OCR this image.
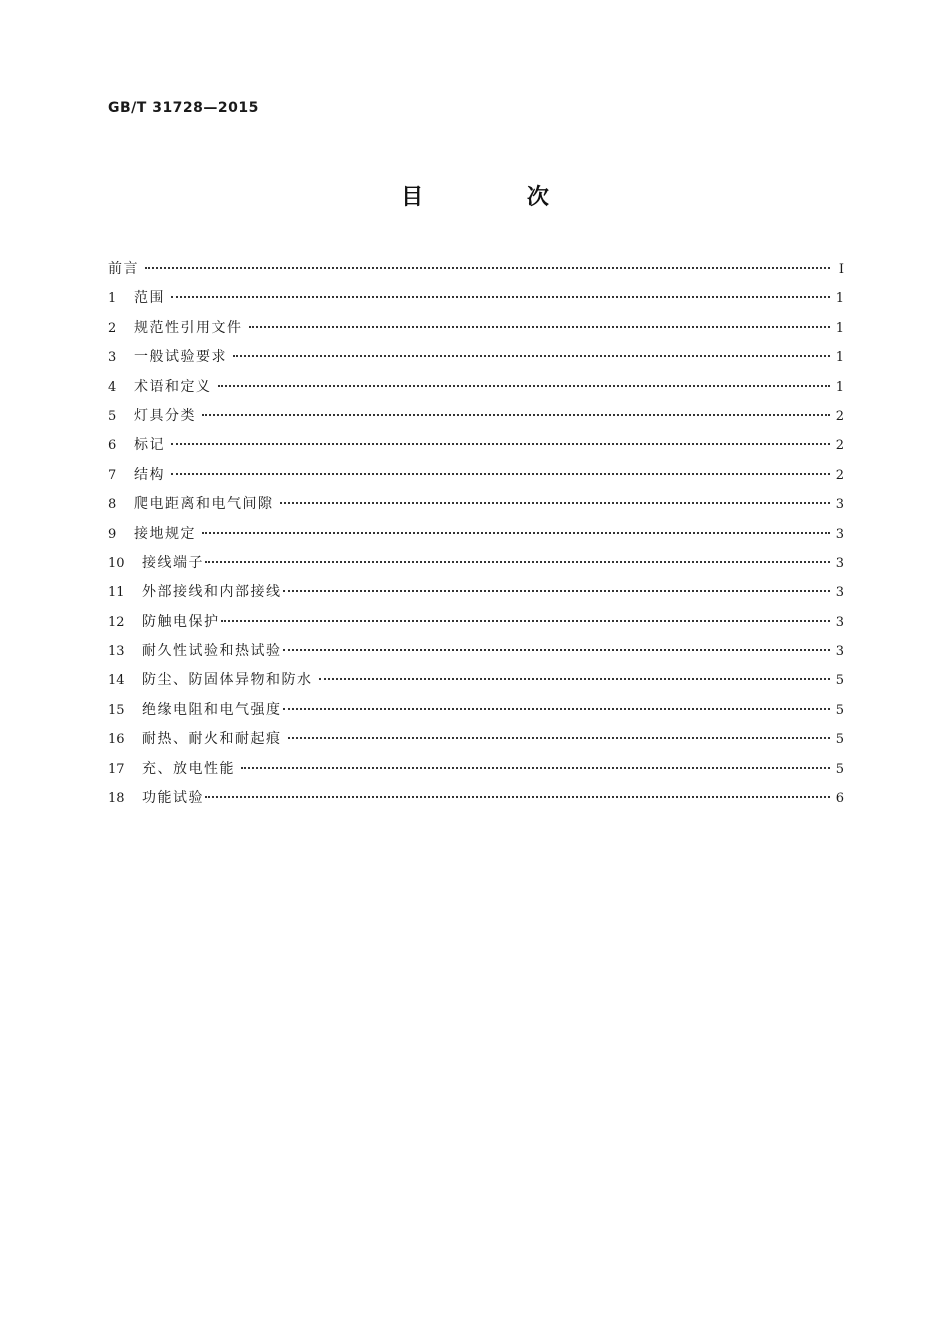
GB/T 31728—2015
目 次
前言	Ⅰ
1	范围	1
2	规范性引用文件	1
3	一般试验要求	1
4	术语和定义	1
5	灯具分类	2
6	标记	2
7	结构	2
8	爬电距离和电气间隙	3
9	接地规定	3
10	接线端子	3
11	外部接线和内部接线	3
12	防触电保护	3
13	耐久性试验和热试验	3
14	防尘、防固体异物和防水	5
15	绝缘电阻和电气强度	5
16	耐热、耐火和耐起痕	5
17	充、放电性能	5
18	功能试验	6
